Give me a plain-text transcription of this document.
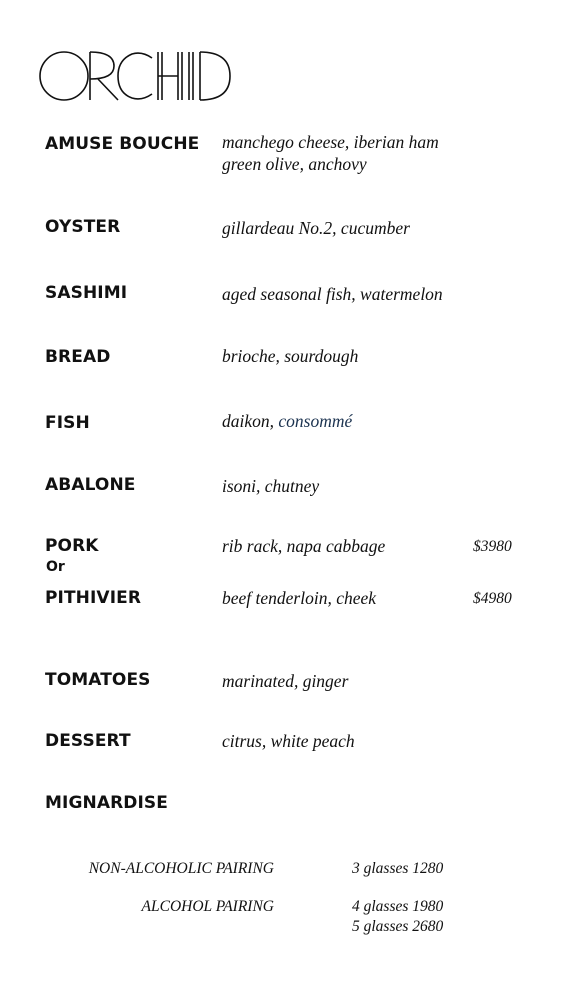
AMUSE BOUCHE manchego cheese, iberian ham
green olive, anchovy
OYSTER	gillardeau No.2, cucumber
SASHIMI	aged seasonal fish, watermelon
BREAD	brioche, sourdough
FISH	daikon, consommé
ABALONE	isoni, chutney
PORK	rib rack, napa cabbage	$3980
Or
PITHIVIER	beef tenderloin, cheek	$4980
TOMATOES	marinated, ginger
DESSERT	citrus, white peach
MIGNARDISE
NON-ALCOHOLIC PAIRING	3 glasses 1280
ALCOHOL PAIRING	4 glasses 1980
5 glasses 2680
